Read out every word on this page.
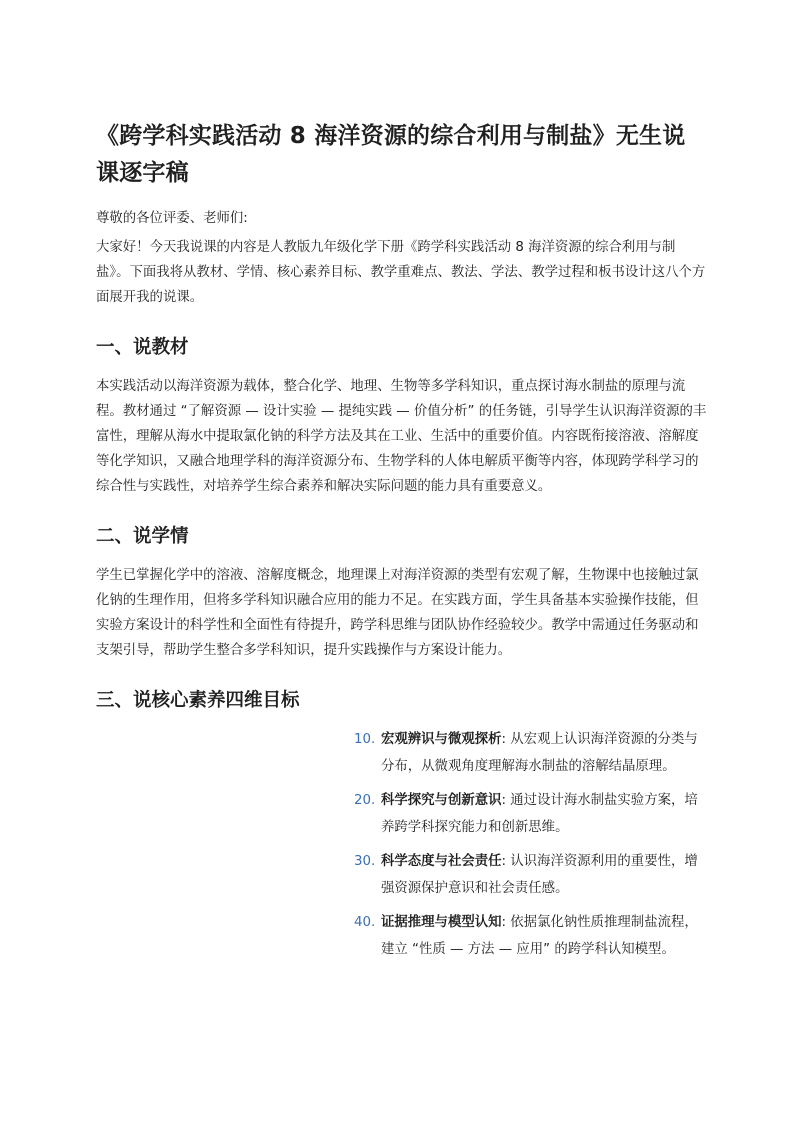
《跨学科实践活动 8 海洋资源的综合利用与制盐》无生说课逐字稿

尊敬的各位评委、老师们:

大家好！今天我说课的内容是人教版九年级化学下册《跨学科实践活动 8 海洋资源的综合利用与制盐》。下面我将从教材、学情、核心素养目标、教学重难点、教法、学法、教学过程和板书设计这八个方面展开我的说课。

一、说教材

本实践活动以海洋资源为载体，整合化学、地理、生物等多学科知识，重点探讨海水制盐的原理与流程。教材通过 “了解资源 — 设计实验 — 提纯实践 — 价值分析” 的任务链，引导学生认识海洋资源的丰富性，理解从海水中提取氯化钠的科学方法及其在工业、生活中的重要价值。内容既衔接溶液、溶解度等化学知识，又融合地理学科的海洋资源分布、生物学科的人体电解质平衡等内容，体现跨学科学习的综合性与实践性，对培养学生综合素养和解决实际问题的能力具有重要意义。

二、说学情

学生已掌握化学中的溶液、溶解度概念，地理课上对海洋资源的类型有宏观了解，生物课中也接触过氯化钠的生理作用，但将多学科知识融合应用的能力不足。在实践方面，学生具备基本实验操作技能，但实验方案设计的科学性和全面性有待提升，跨学科思维与团队协作经验较少。教学中需通过任务驱动和支架引导，帮助学生整合多学科知识，提升实践操作与方案设计能力。

三、说核心素养四维目标
10. 宏观辨识与微观探析: 从宏观上认识海洋资源的分类与分布，从微观角度理解海水制盐的溶解结晶原理。
20. 科学探究与创新意识: 通过设计海水制盐实验方案，培养跨学科探究能力和创新思维。
30. 科学态度与社会责任: 认识海洋资源利用的重要性，增强资源保护意识和社会责任感。
40. 证据推理与模型认知: 依据氯化钠性质推理制盐流程，建立 “性质 — 方法 — 应用” 的跨学科认知模型。
